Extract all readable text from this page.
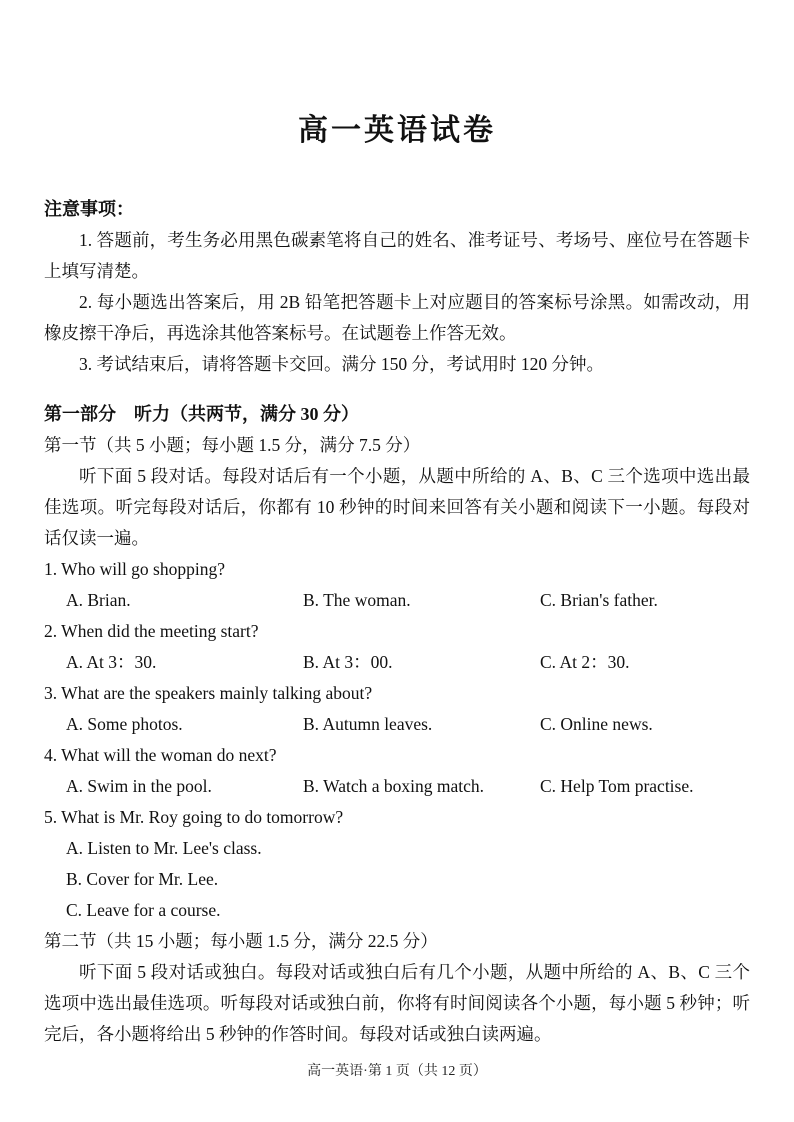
高一英语试卷
注意事项：

1. 答题前，考生务必用黑色碳素笔将自己的姓名、准考证号、考场号、座位号在答题卡上填写清楚。

2. 每小题选出答案后，用 2B 铅笔把答题卡上对应题目的答案标号涂黑。如需改动，用橡皮擦干净后，再选涂其他答案标号。在试题卷上作答无效。

3. 考试结束后，请将答题卡交回。满分 150 分，考试用时 120 分钟。

第一部分　听力（共两节，满分 30 分）
第一节（共 5 小题；每小题 1.5 分，满分 7.5 分）

听下面 5 段对话。每段对话后有一个小题，从题中所给的 A、B、C 三个选项中选出最佳选项。听完每段对话后，你都有 10 秒钟的时间来回答有关小题和阅读下一小题。每段对话仅读一遍。

1. Who will go shopping?
A. Brian.	B. The woman.	C. Brian's father.
2. When did the meeting start?
A. At 3：30.	B. At 3：00.	C. At 2：30.
3. What are the speakers mainly talking about?
A. Some photos.	B. Autumn leaves.	C. Online news.
4. What will the woman do next?
A. Swim in the pool.	B. Watch a boxing match.	C. Help Tom practise.
5. What is Mr. Roy going to do tomorrow?
A. Listen to Mr. Lee's class.
B. Cover for Mr. Lee.
C. Leave for a course.
第二节（共 15 小题；每小题 1.5 分，满分 22.5 分）

听下面 5 段对话或独白。每段对话或独白后有几个小题，从题中所给的 A、B、C 三个选项中选出最佳选项。听每段对话或独白前，你将有时间阅读各个小题，每小题 5 秒钟；听完后，各小题将给出 5 秒钟的作答时间。每段对话或独白读两遍。

高一英语·第 1 页（共 12 页）
